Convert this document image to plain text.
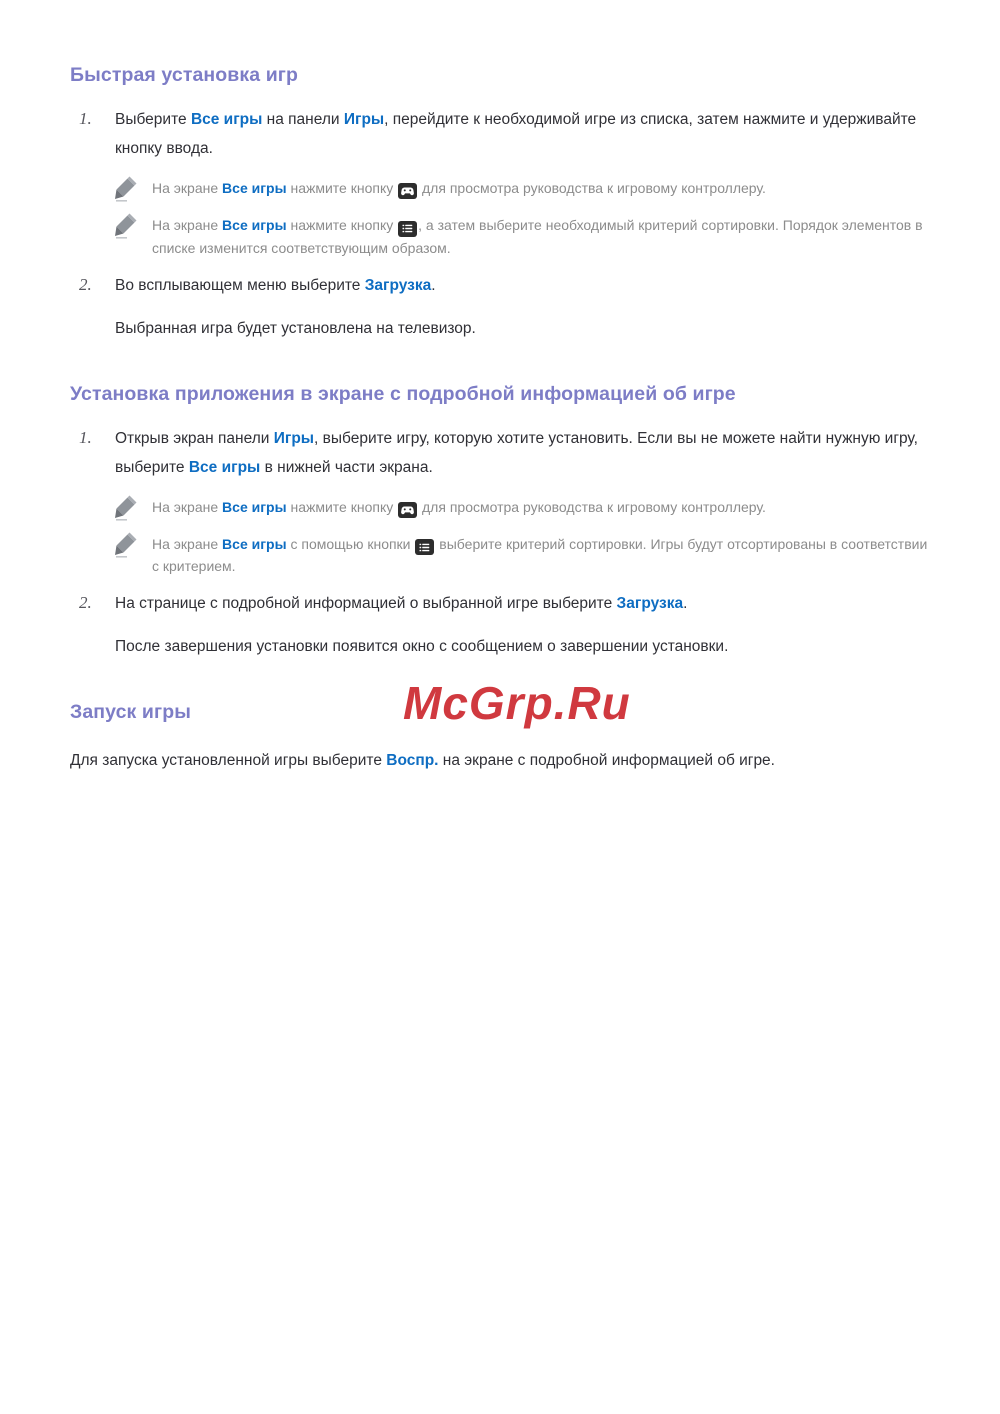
Быстрая установка игр
1.	Выберите Все игры на панели Игры, перейдите к необходимой игре из списка, затем нажмите и удерживайте кнопку ввода.

На экране Все игры нажмите кнопку
для просмотра руководства к игровому контроллеру.

На экране Все игры нажмите кнопку
, а затем выберите необходимый критерий сортировки. Порядок элементов в списке изменится соответствующим образом.

2.	Во всплывающем меню выберите Загрузка.

Выбранная игра будет установлена на телевизор.

Установка приложения в экране с подробной информацией об игре
1.	Открыв экран панели Игры, выберите игру, которую хотите установить. Если вы не можете найти нужную игру, выберите Все игры в нижней части экрана.

На экране Все игры нажмите кнопку
для просмотра руководства к игровому контроллеру.

На экране Все игры с помощью кнопки
выберите критерий сортировки. Игры будут отсортированы в соответствии с критерием.

2.	На странице с подробной информацией о выбранной игре выберите Загрузка.

После завершения установки появится окно с сообщением о завершении установки.

Запуск игры

Для запуска установленной игры выберите Воспр. на экране с подробной информацией об игре.

McGrp.Ru
